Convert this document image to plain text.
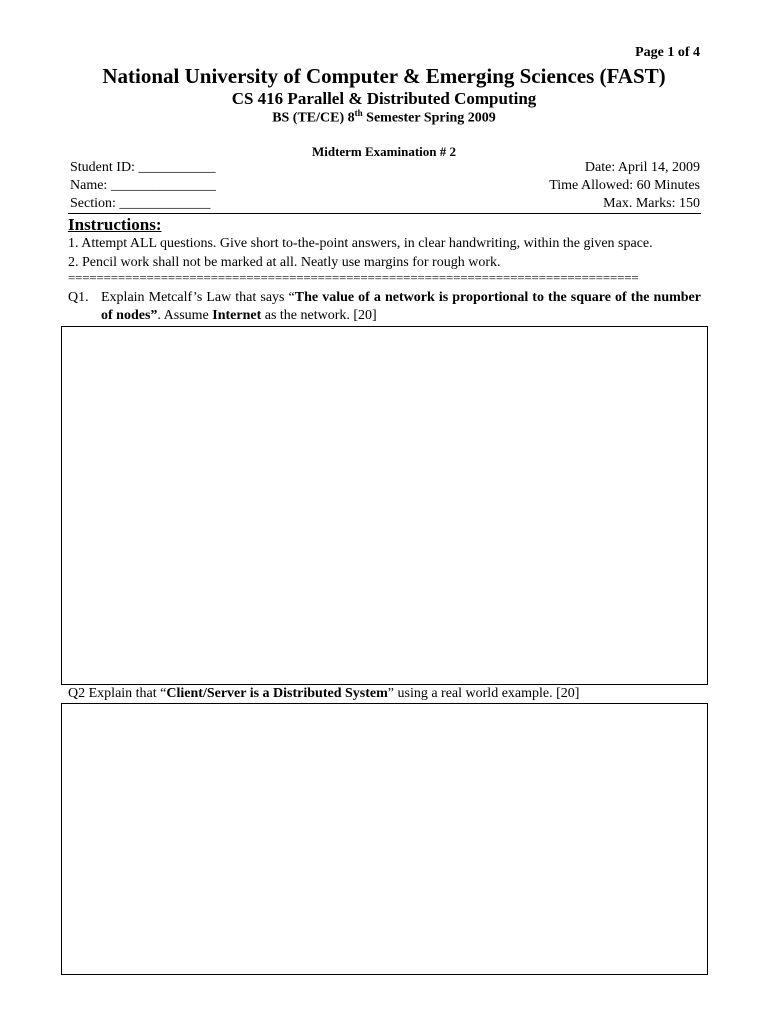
Page 1 of 4
National University of Computer & Emerging Sciences (FAST)
CS 416 Parallel & Distributed Computing
BS (TE/CE) 8th Semester Spring 2009
Midterm Examination # 2
Student ID: ___________
Name: _______________
Section: _____________
Date: April 14, 2009
Time Allowed: 60 Minutes
Max. Marks: 150
Instructions:
1. Attempt ALL questions. Give short to-the-point answers, in clear handwriting, within the given space.
2. Pencil work shall not be marked at all. Neatly use margins for rough work.
================================================================================
Q1. Explain Metcalf’s Law that says “The value of a network is proportional to the square of the number of nodes”. Assume Internet as the network. [20]
Q2 Explain that “Client/Server is a Distributed System” using a real world example. [20]
